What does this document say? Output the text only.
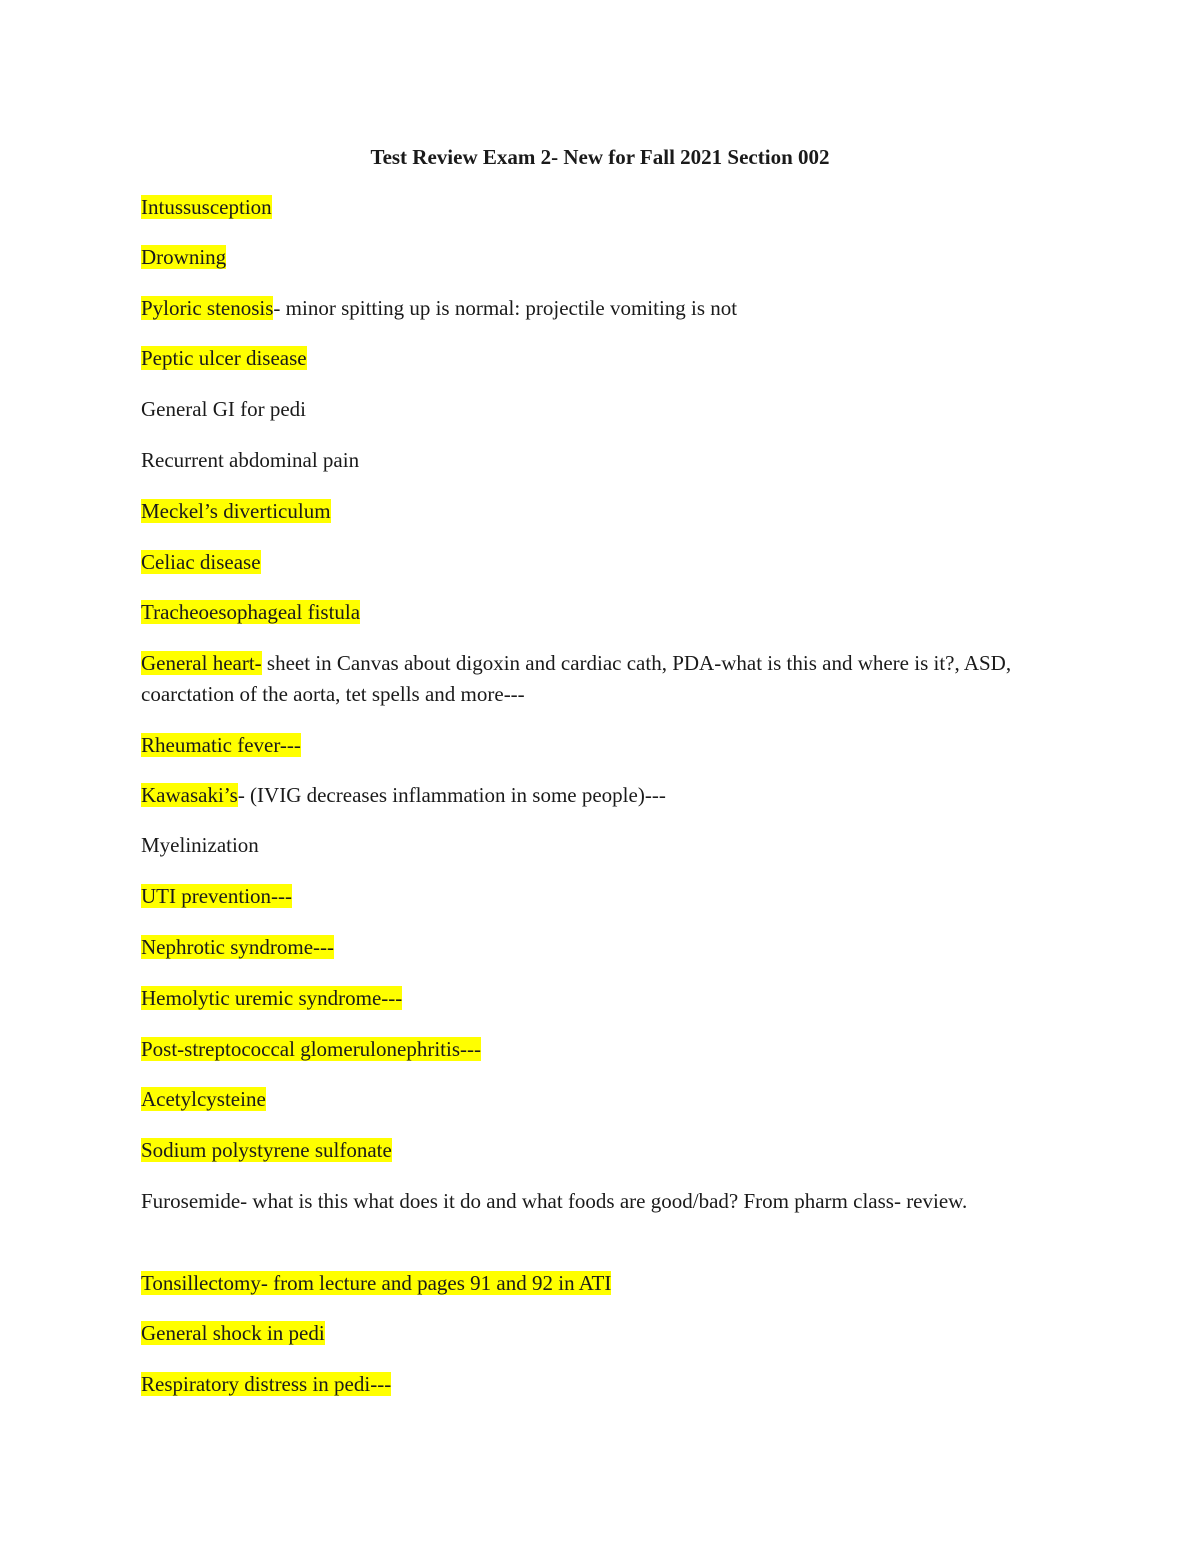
Test Review Exam 2- New for Fall 2021 Section 002

Intussusception

Drowning

Pyloric stenosis- minor spitting up is normal: projectile vomiting is not

Peptic ulcer disease

General GI for pedi

Recurrent abdominal pain

Meckel’s diverticulum

Celiac disease

Tracheoesophageal fistula

General heart- sheet in Canvas about digoxin and cardiac cath, PDA-what is this and where is it?, ASD, coarctation of the aorta, tet spells and more---

Rheumatic fever---

Kawasaki’s- (IVIG decreases inflammation in some people)---

Myelinization

UTI prevention---

Nephrotic syndrome---

Hemolytic uremic syndrome---

Post-streptococcal glomerulonephritis---

Acetylcysteine

Sodium polystyrene sulfonate

Furosemide- what is this what does it do and what foods are good/bad? From pharm class- review.

Tonsillectomy- from lecture and pages 91 and 92 in ATI

General shock in pedi

Respiratory distress in pedi---
